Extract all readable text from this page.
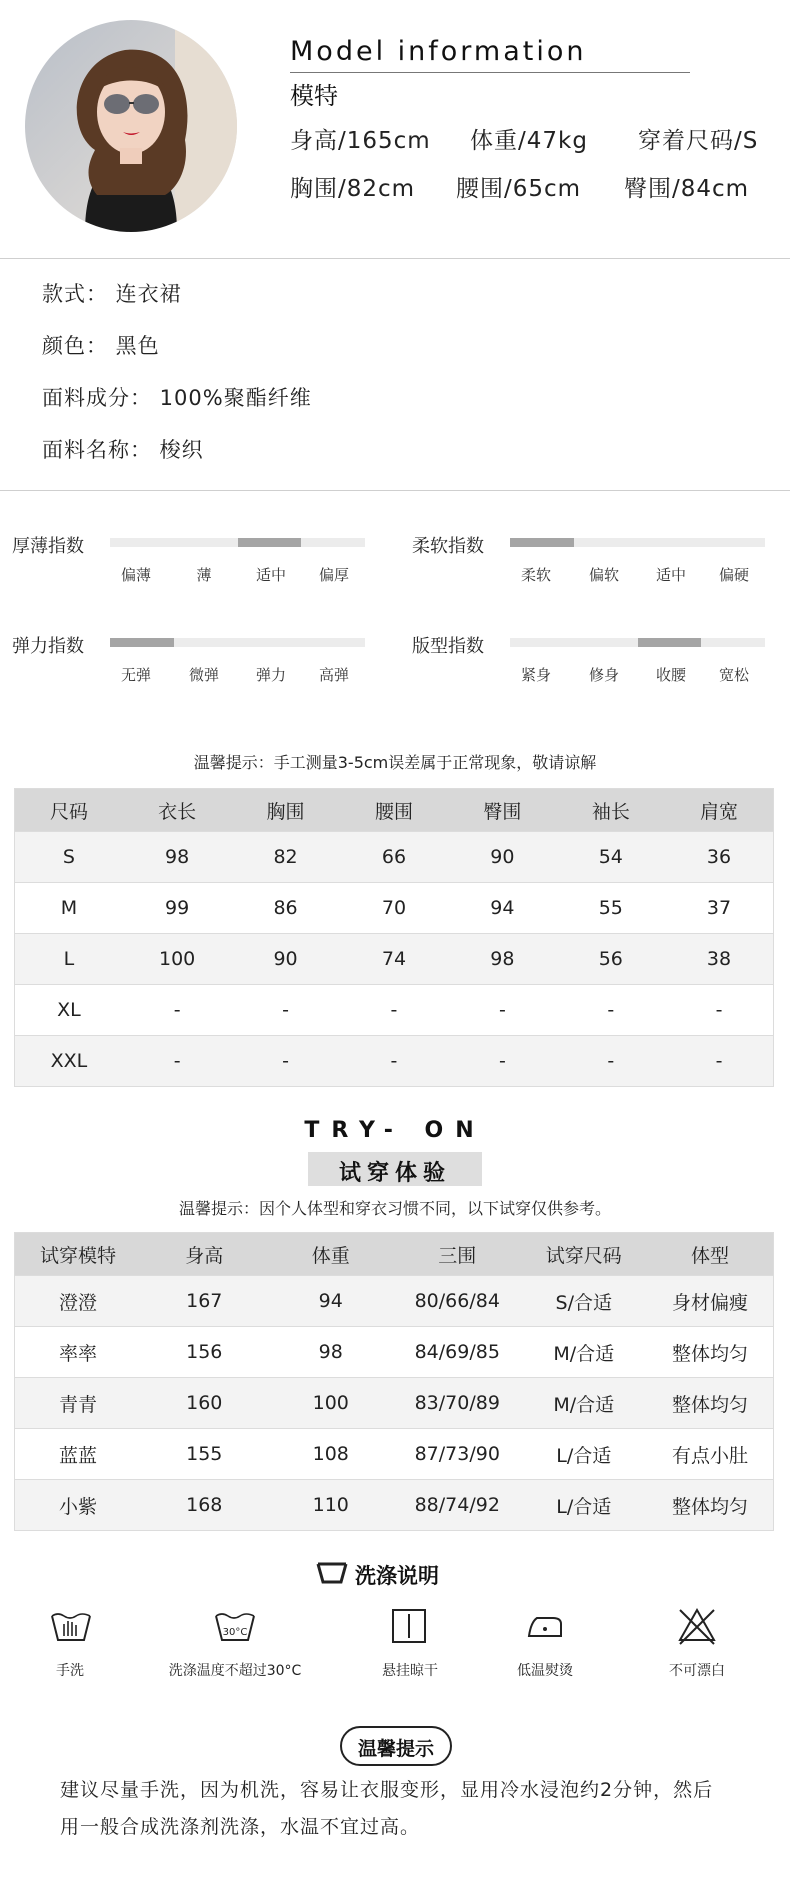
Model information
模特
身高/165cm 体重/47kg 穿着尺码/S
胸围/82cm 腰围/65cm 臀围/84cm
款式： 连衣裙
颜色： 黑色
面料成分： 100%聚酯纤维
面料名称： 梭织
厚薄指数
偏薄	薄	适中	偏厚
柔软指数
柔软	偏软	适中	偏硬
弹力指数
无弹	微弹	弹力	高弹
版型指数
紧身	修身	收腰	宽松
温馨提示：手工测量3-5cm误差属于正常现象，敬请谅解
尺码	衣长	胸围	腰围	臀围	袖长	肩宽
S	98	82	66	90	54	36
M	99	86	70	94	55	37
L	100	90	74	98	56	38
XL	-	-	-	-	-	-
XXL	-	-	-	-	-	-
TRY- ON
试穿体验
温馨提示：因个人体型和穿衣习惯不同，以下试穿仅供参考。
试穿模特	身高	体重	三围	试穿尺码	体型
澄澄	167	94	80/66/84	S/合适	身材偏瘦
率率	156	98	84/69/85	M/合适	整体均匀
青青	160	100	83/70/89	M/合适	整体均匀
蓝蓝	155	108	87/73/90	L/合适	有点小肚
小紫	168	110	88/74/92	L/合适	整体均匀
洗涤说明
30°C
手洗	洗涤温度不超过30°C	悬挂晾干	低温熨烫	不可漂白
温馨提示
建议尽量手洗，因为机洗，容易让衣服变形，显用冷水浸泡约2分钟，然后
用一般合成洗涤剂洗涤，水温不宜过高。
